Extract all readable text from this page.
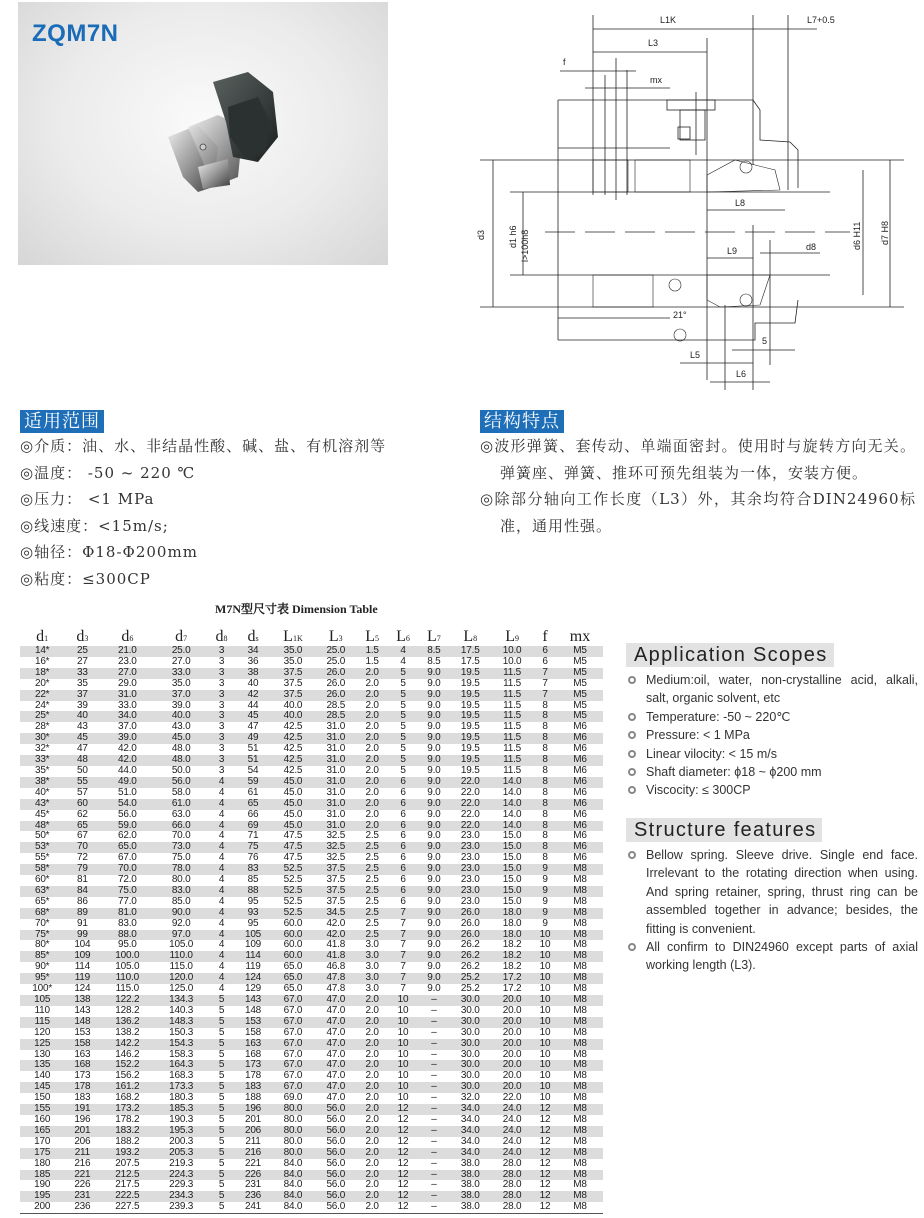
ZQM7N	L1K	L7+0.5
L3
f
mx
L8
d3 d1 h6 l>100h8	L9	d8	d6 H11 d7 H8
21°
5
L5
L6
适用范围
◎介质：油、水、非结晶性酸、碱、盐、有机溶剂等
◎温度： -50 ~ 220 ℃
◎压力： <1 MPa
◎线速度：<15m/s;
◎轴径：Φ18-Φ200mm
◎粘度：≤300CP
结构特点
◎波形弹簧、套传动、单端面密封。使用时与旋转方向无关。弹簧座、弹簧、推环可预先组装为一体，安装方便。
◎除部分轴向工作长度（L3）外，其余均符合DIN24960标准，通用性强。
M7N型尺寸表 Dimension Table
d1	d3	d6	d7	d8	ds	L1K	L3	L5	L6	L7	L8	L9	f	mx
14*	25	21.0	25.0	3	34	35.0	25.0	1.5	4	8.5	17.5	10.0	6	M5
16*	27	23.0	27.0	3	36	35.0	25.0	1.5	4	8.5	17.5	10.0	6	M5
18*	33	27.0	33.0	3	38	37.5	26.0	2.0	5	9.0	19.5	11.5	7	M5
20*	35	29.0	35.0	3	40	37.5	26.0	2.0	5	9.0	19.5	11.5	7	M5
22*	37	31.0	37.0	3	42	37.5	26.0	2.0	5	9.0	19.5	11.5	7	M5
24*	39	33.0	39.0	3	44	40.0	28.5	2.0	5	9.0	19.5	11.5	8	M5
25*	40	34.0	40.0	3	45	40.0	28.5	2.0	5	9.0	19.5	11.5	8	M5
28*	43	37.0	43.0	3	47	42.5	31.0	2.0	5	9.0	19.5	11.5	8	M6
30*	45	39.0	45.0	3	49	42.5	31.0	2.0	5	9.0	19.5	11.5	8	M6
32*	47	42.0	48.0	3	51	42.5	31.0	2.0	5	9.0	19.5	11.5	8	M6
33*	48	42.0	48.0	3	51	42.5	31.0	2.0	5	9.0	19.5	11.5	8	M6
35*	50	44.0	50.0	3	54	42.5	31.0	2.0	5	9.0	19.5	11.5	8	M6
38*	55	49.0	56.0	4	59	45.0	31.0	2.0	6	9.0	22.0	14.0	8	M6
40*	57	51.0	58.0	4	61	45.0	31.0	2.0	6	9.0	22.0	14.0	8	M6
43*	60	54.0	61.0	4	65	45.0	31.0	2.0	6	9.0	22.0	14.0	8	M6
45*	62	56.0	63.0	4	66	45.0	31.0	2.0	6	9.0	22.0	14.0	8	M6
48*	65	59.0	66.0	4	69	45.0	31.0	2.0	6	9.0	22.0	14.0	8	M6
50*	67	62.0	70.0	4	71	47.5	32.5	2.5	6	9.0	23.0	15.0	8	M6
53*	70	65.0	73.0	4	75	47.5	32.5	2.5	6	9.0	23.0	15.0	8	M6
55*	72	67.0	75.0	4	76	47.5	32.5	2.5	6	9.0	23.0	15.0	8	M6
58*	79	70.0	78.0	4	83	52.5	37.5	2.5	6	9.0	23.0	15.0	9	M8
60*	81	72.0	80.0	4	85	52.5	37.5	2.5	6	9.0	23.0	15.0	9	M8
63*	84	75.0	83.0	4	88	52.5	37.5	2.5	6	9.0	23.0	15.0	9	M8
65*	86	77.0	85.0	4	95	52.5	37.5	2.5	6	9.0	23.0	15.0	9	M8
68*	89	81.0	90.0	4	93	52.5	34.5	2.5	7	9.0	26.0	18.0	9	M8
70*	91	83.0	92.0	4	95	60.0	42.0	2.5	7	9.0	26.0	18.0	9	M8
75*	99	88.0	97.0	4	105	60.0	42.0	2.5	7	9.0	26.0	18.0	10	M8
80*	104	95.0	105.0	4	109	60.0	41.8	3.0	7	9.0	26.2	18.2	10	M8
85*	109	100.0	110.0	4	114	60.0	41.8	3.0	7	9.0	26.2	18.2	10	M8
90*	114	105.0	115.0	4	119	65.0	46.8	3.0	7	9.0	26.2	18.2	10	M8
95*	119	110.0	120.0	4	124	65.0	47.8	3.0	7	9.0	25.2	17.2	10	M8
100*	124	115.0	125.0	4	129	65.0	47.8	3.0	7	9.0	25.2	17.2	10	M8
105	138	122.2	134.3	5	143	67.0	47.0	2.0	10	–	30.0	20.0	10	M8
110	143	128.2	140.3	5	148	67.0	47.0	2.0	10	–	30.0	20.0	10	M8
115	148	136.2	148.3	5	153	67.0	47.0	2.0	10	–	30.0	20.0	10	M8
120	153	138.2	150.3	5	158	67.0	47.0	2.0	10	–	30.0	20.0	10	M8
125	158	142.2	154.3	5	163	67.0	47.0	2.0	10	–	30.0	20.0	10	M8
130	163	146.2	158.3	5	168	67.0	47.0	2.0	10	–	30.0	20.0	10	M8
135	168	152.2	164.3	5	173	67.0	47.0	2.0	10	–	30.0	20.0	10	M8
140	173	156.2	168.3	5	178	67.0	47.0	2.0	10	–	30.0	20.0	10	M8
145	178	161.2	173.3	5	183	67.0	47.0	2.0	10	–	30.0	20.0	10	M8
150	183	168.2	180.3	5	188	69.0	47.0	2.0	10	–	32.0	22.0	10	M8
155	191	173.2	185.3	5	196	80.0	56.0	2.0	12	–	34.0	24.0	12	M8
160	196	178.2	190.3	5	201	80.0	56.0	2.0	12	–	34.0	24.0	12	M8
165	201	183.2	195.3	5	206	80.0	56.0	2.0	12	–	34.0	24.0	12	M8
170	206	188.2	200.3	5	211	80.0	56.0	2.0	12	–	34.0	24.0	12	M8
175	211	193.2	205.3	5	216	80.0	56.0	2.0	12	–	34.0	24.0	12	M8
180	216	207.5	219.3	5	221	84.0	56.0	2.0	12	–	38.0	28.0	12	M8
185	221	212.5	224.3	5	226	84.0	56.0	2.0	12	–	38.0	28.0	12	M8
190	226	217.5	229.3	5	231	84.0	56.0	2.0	12	–	38.0	28.0	12	M8
195	231	222.5	234.3	5	236	84.0	56.0	2.0	12	–	38.0	28.0	12	M8
200	236	227.5	239.3	5	241	84.0	56.0	2.0	12	–	38.0	28.0	12	M8
Application Scopes
Medium:oil, water, non-crystalline acid, alkali, salt, organic solvent, etc
Temperature: -50 ~ 220℃
Pressure: < 1 MPa
Linear vilocity: < 15 m/s
Shaft diameter: ϕ18 ~ ϕ200 mm
Viscocity: ≤ 300CP
Structure features
Bellow spring. Sleeve drive. Single end face. Irrelevant to the rotating direction when using. And spring retainer, spring, thrust ring can be assembled together in advance; besides, the fitting is convenient.
All confirm to DIN24960 except parts of axial working length (L3).
